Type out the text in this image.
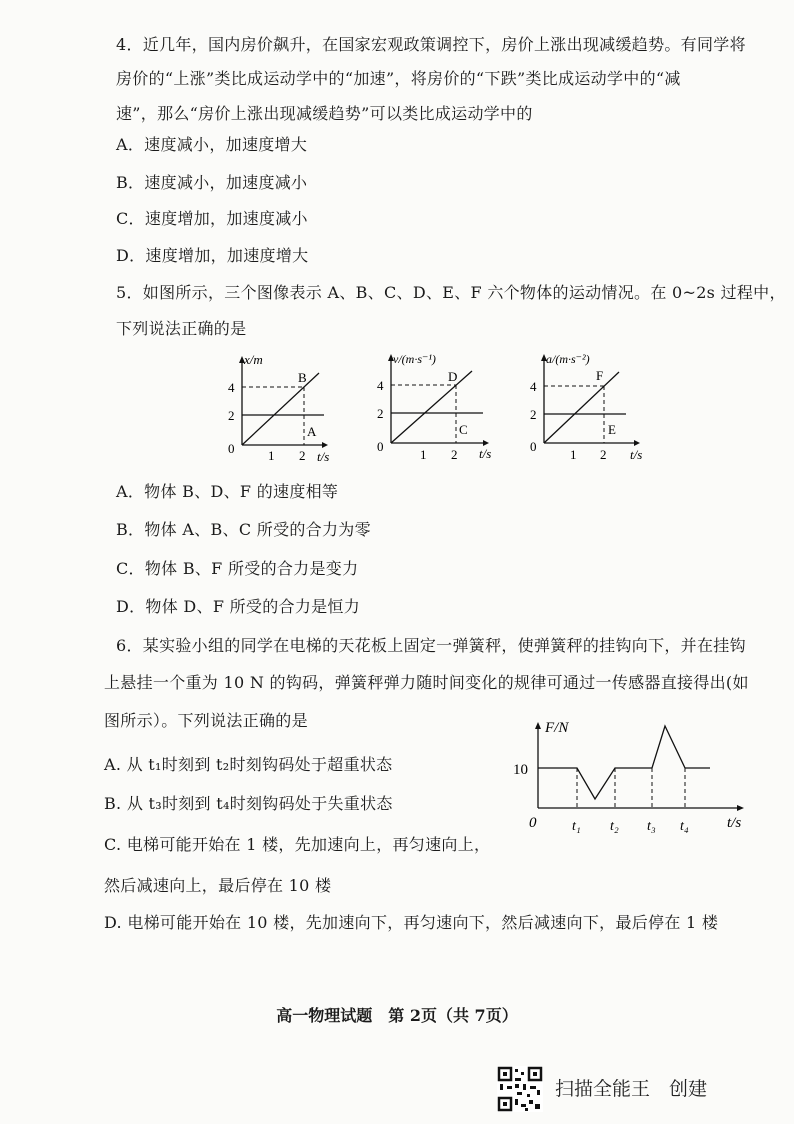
4．近几年，国内房价飙升，在国家宏观政策调控下，房价上涨出现减缓趋势。有同学将
房价的“上涨”类比成运动学中的“加速”，将房价的“下跌”类比成运动学中的“减
速”，那么“房价上涨出现减缓趋势”可以类比成运动学中的
A．速度减小，加速度增大
B．速度减小，加速度减小
C．速度增加，加速度减小
D．速度增加，加速度增大
5．如图所示，三个图像表示 A、B、C、D、E、F 六个物体的运动情况。在 0~2s 过程中，
下列说法正确的是
x/m
t/s
0	1 2
2
4
B
A
v/(m·s⁻¹)
t/s
0
1 2
2
4
D
C
a/(m·s⁻²)
t/s
0
1 2
2
4
F
E
A．物体 B、D、F 的速度相等
B．物体 A、B、C 所受的合力为零
C．物体 B、F 所受的合力是变力
D．物体 D、F 所受的合力是恒力
6．某实验小组的同学在电梯的天花板上固定一弹簧秤，使弹簧秤的挂钩向下，并在挂钩
上悬挂一个重为 10 N 的钩码，弹簧秤弹力随时间变化的规律可通过一传感器直接得出(如
图所示）。下列说法正确的是
A. 从 t₁时刻到 t₂时刻钩码处于超重状态
B. 从 t₃时刻到 t₄时刻钩码处于失重状态
C. 电梯可能开始在 1 楼，先加速向上，再匀速向上，
然后减速向上，最后停在 10 楼
D. 电梯可能开始在 10 楼，先加速向下，再匀速向下，然后减速向下，最后停在 1 楼
F/N
t/s
0
10
t₁ t₂ t₃ t₄
高一物理试题　第 2页（共 7页）
扫描全能王　创建
